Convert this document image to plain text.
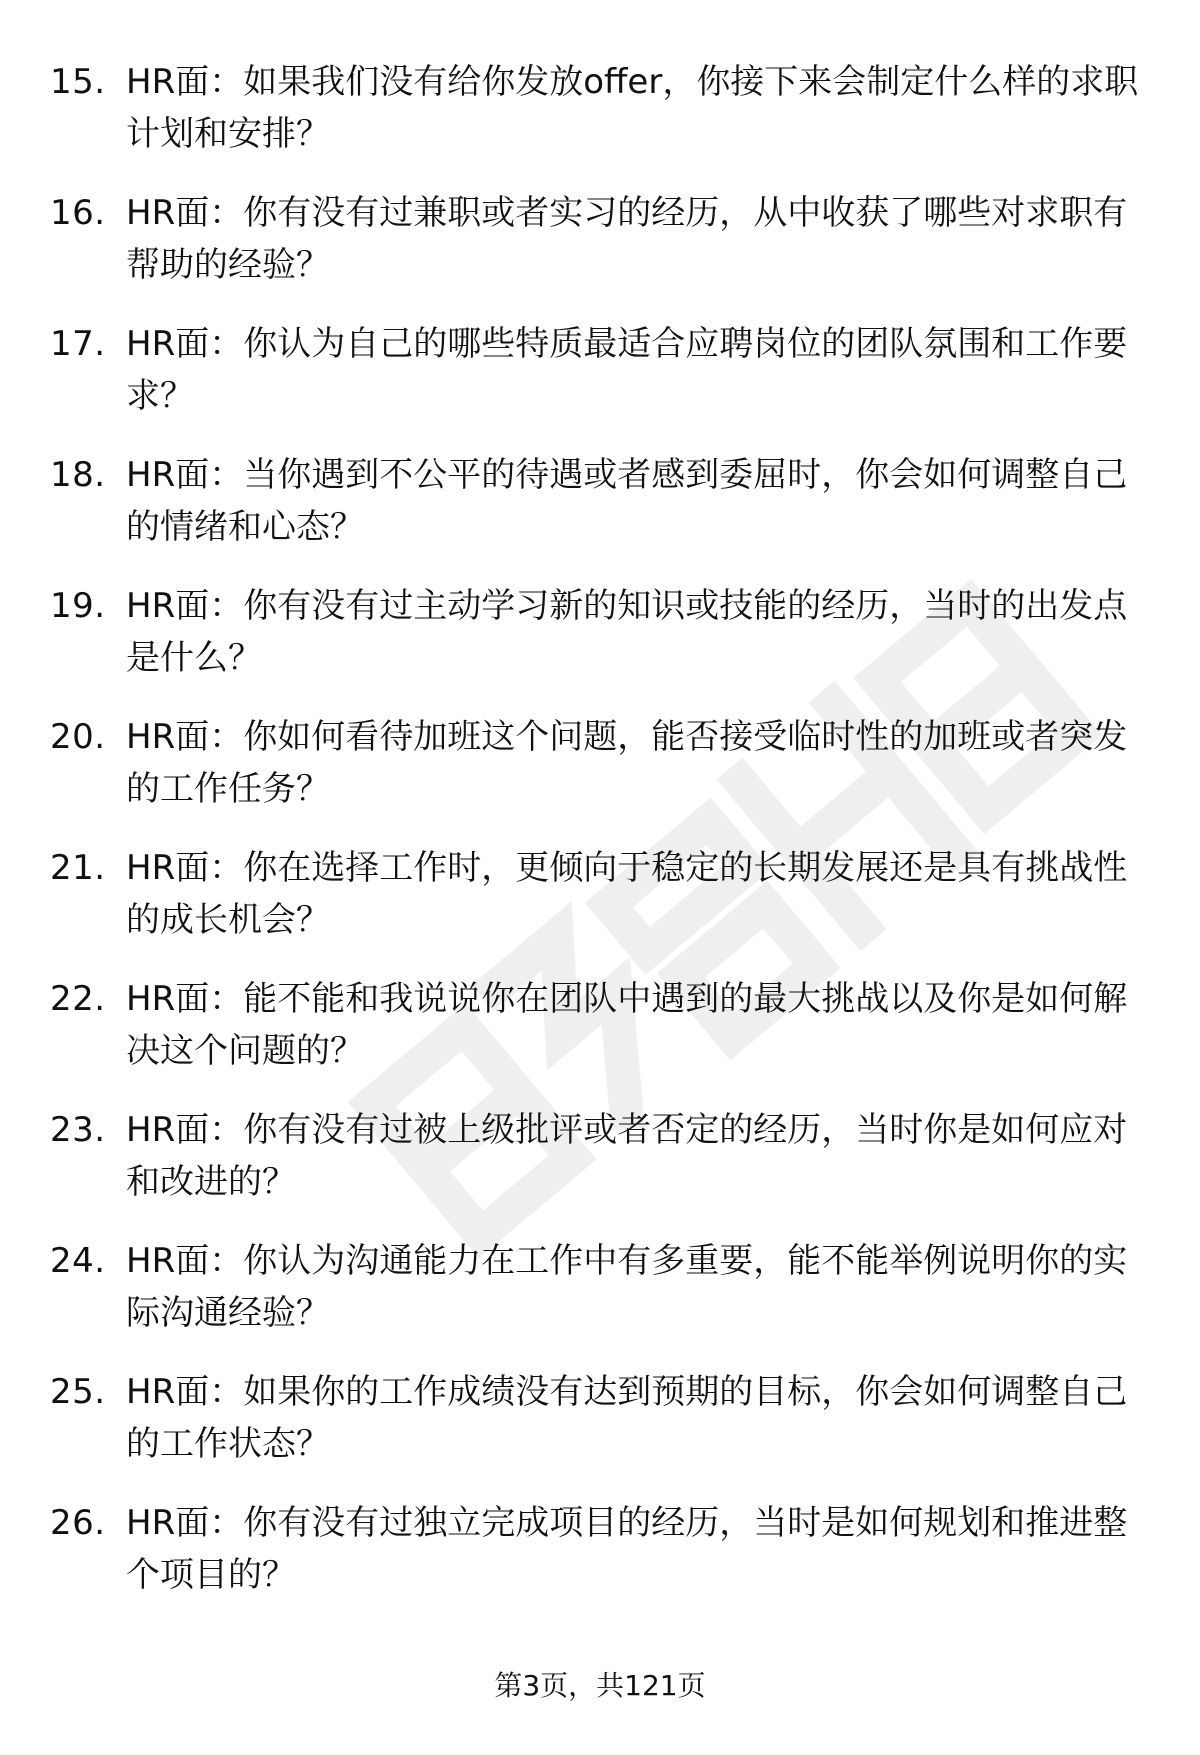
15. HR面：如果我们没有给你发放offer，你接下来会制定什么样的求职计划和安排？
16. HR面：你有没有过兼职或者实习的经历，从中收获了哪些对求职有帮助的经验？
17. HR面：你认为自己的哪些特质最适合应聘岗位的团队氛围和工作要求？
18. HR面：当你遇到不公平的待遇或者感到委屈时，你会如何调整自己的情绪和心态？
19. HR面：你有没有过主动学习新的知识或技能的经历，当时的出发点是什么？
20. HR面：你如何看待加班这个问题，能否接受临时性的加班或者突发的工作任务？
21. HR面：你在选择工作时，更倾向于稳定的长期发展还是具有挑战性的成长机会？
22. HR面：能不能和我说说你在团队中遇到的最大挑战以及你是如何解决这个问题的？
23. HR面：你有没有过被上级批评或者否定的经历，当时你是如何应对和改进的？
24. HR面：你认为沟通能力在工作中有多重要，能不能举例说明你的实际沟通经验？
25. HR面：如果你的工作成绩没有达到预期的目标，你会如何调整自己的工作状态？
26. HR面：你有没有过独立完成项目的经历，当时是如何规划和推进整个项目的？
第3页，共121页
